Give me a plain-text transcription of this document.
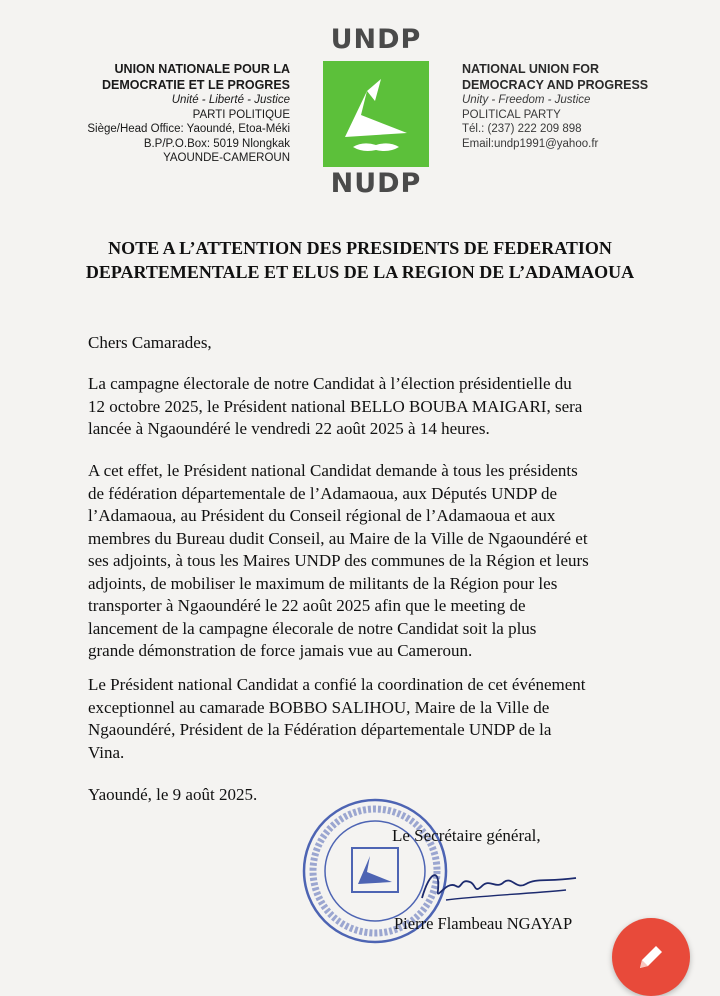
UNION NATIONALE POUR LA
DEMOCRATIE ET LE PROGRES
Unité - Liberté - Justice
PARTI POLITIQUE
Siège/Head Office: Yaoundé, Etoa-Méki
B.P/P.O.Box: 5019 Nlongkak
YAOUNDE-CAMEROUN
UNDP
NUDP
NATIONAL UNION FOR
DEMOCRACY AND PROGRESS
Unity - Freedom - Justice
POLITICAL PARTY
Tél.: (237) 222 209 898
Email:undp1991@yahoo.fr
NOTE A L’ATTENTION DES PRESIDENTS DE FEDERATION
DEPARTEMENTALE ET ELUS DE LA REGION DE L’ADAMAOUA
Chers Camarades,
La campagne électorale de notre Candidat à l’élection présidentielle du
12 octobre 2025, le Président national BELLO BOUBA MAIGARI, sera
lancée à Ngaoundéré le vendredi 22 août 2025 à 14 heures.
A cet effet, le Président national Candidat demande à tous les présidents
de fédération départementale de l’Adamaoua, aux Députés UNDP de
l’Adamaoua, au Président du Conseil régional de l’Adamaoua et aux
membres du Bureau dudit Conseil, au Maire de la Ville de Ngaoundéré et
ses adjoints, à tous les Maires UNDP des communes de la Région et leurs
adjoints, de mobiliser le maximum de militants de la Région pour les
transporter à Ngaoundéré le 22 août 2025 afin que le meeting de
lancement de la campagne élecorale de notre Candidat soit la plus
grande démonstration de force jamais vue au Cameroun.
Le Président national Candidat a confié la coordination de cet événement
exceptionnel au camarade BOBBO SALIHOU, Maire de la Ville de
Ngaoundéré, Président de la Fédération départementale UNDP de la
Vina.
Yaoundé, le 9 août 2025.
Le Secrétaire général,
Pierre Flambeau NGAYAP
